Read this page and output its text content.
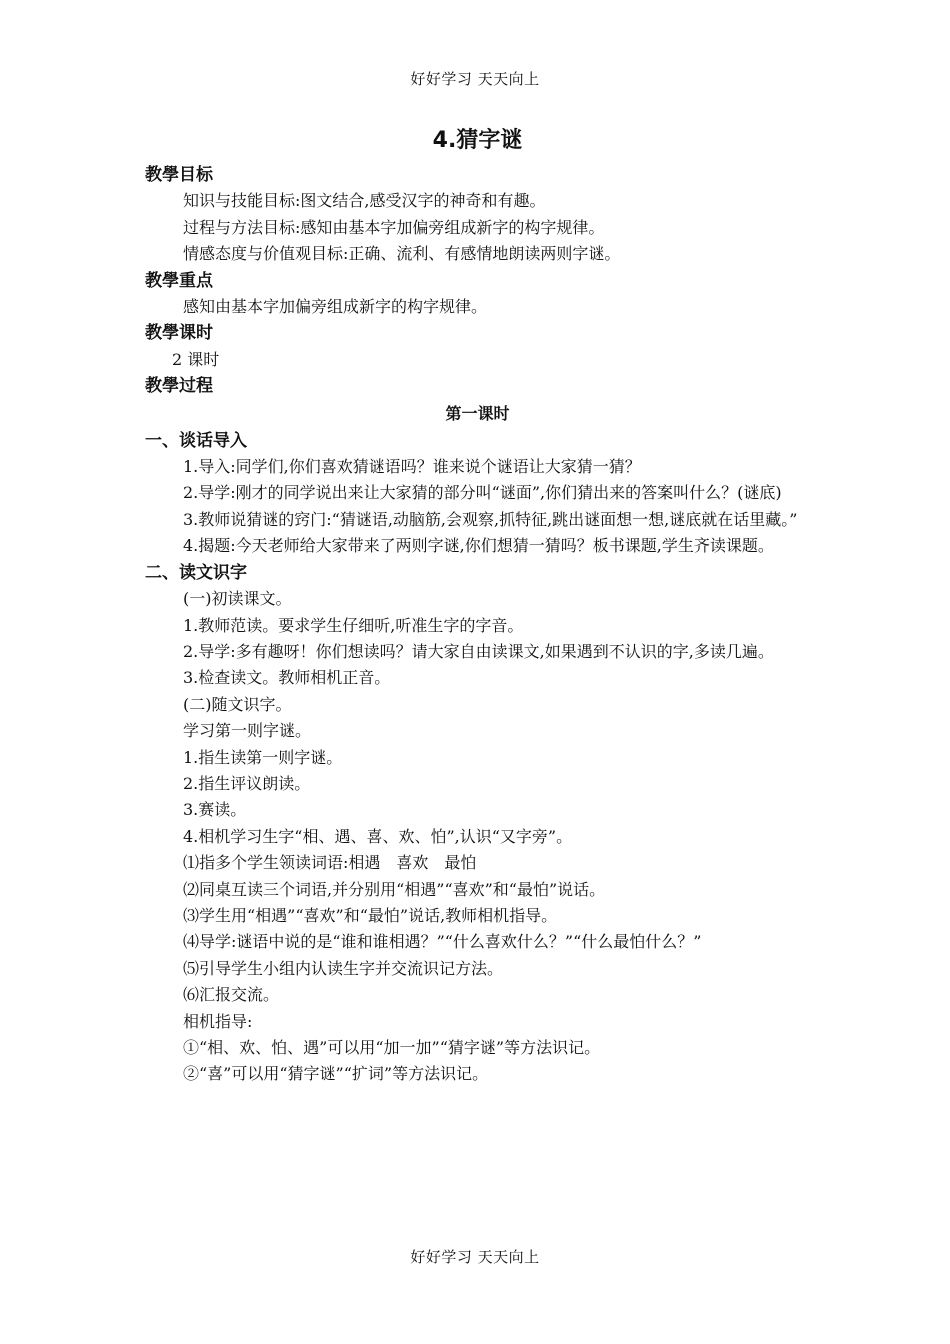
好好学习 天天向上
4.猜字谜
教學目标
知识与技能目标:图文结合,感受汉字的神奇和有趣。
过程与方法目标:感知由基本字加偏旁组成新字的构字规律。
情感态度与价值观目标:正确、流利、有感情地朗读两则字谜。
教學重点
感知由基本字加偏旁组成新字的构字规律。
教學课时
2 课时
教學过程
第一课时
一、谈话导入
1.导入:同学们,你们喜欢猜谜语吗？谁来说个谜语让大家猜一猜？
2.导学:刚才的同学说出来让大家猜的部分叫“谜面”,你们猜出来的答案叫什么？(谜底)
3.教师说猜谜的窍门:“猜谜语,动脑筋,会观察,抓特征,跳出谜面想一想,谜底就在话里藏。”
4.揭题:今天老师给大家带来了两则字谜,你们想猜一猜吗？板书课题,学生齐读课题。
二、读文识字
(一)初读课文。
1.教师范读。要求学生仔细听,听准生字的字音。
2.导学:多有趣呀！你们想读吗？请大家自由读课文,如果遇到不认识的字,多读几遍。
3.检查读文。教师相机正音。
(二)随文识字。
学习第一则字谜。
1.指生读第一则字谜。
2.指生评议朗读。
3.赛读。
4.相机学习生字“相、遇、喜、欢、怕”,认识“又字旁”。
⑴指多个学生领读词语:相遇　喜欢　最怕
⑵同桌互读三个词语,并分别用“相遇”“喜欢”和“最怕”说话。
⑶学生用“相遇”“喜欢”和“最怕”说话,教师相机指导。
⑷导学:谜语中说的是“谁和谁相遇？”“什么喜欢什么？”“什么最怕什么？”
⑸引导学生小组内认读生字并交流识记方法。
⑹汇报交流。
相机指导:
①“相、欢、怕、遇”可以用“加一加”“猜字谜”等方法识记。
②“喜”可以用“猜字谜”“扩词”等方法识记。
好好学习 天天向上
